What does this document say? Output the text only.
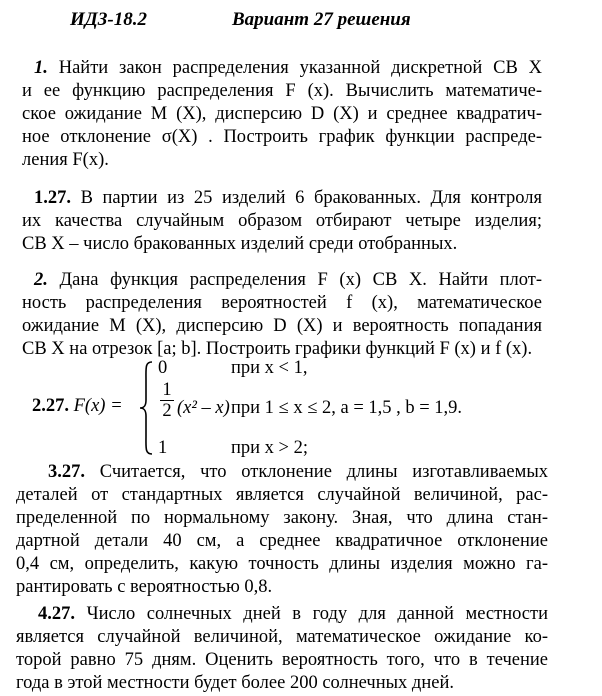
ИДЗ-18.2	Вариант 27 решения
1. Найти закон распределения указанной дискретной СВ X
и ее функцию распределения F (x). Вычислить математиче-
ское ожидание M (X), дисперсию D (X) и среднее квадратич-
ное отклонение σ(X) . Построить график функции распреде-
ления F(x).
1.27. В партии из 25 изделий 6 бракованных. Для контроля
их качества случайным образом отбирают четыре изделия;
СВ X – число бракованных изделий среди отобранных.
2. Дана функция распределения F (x) СВ X. Найти плот-
ность распределения вероятностей f (x), математическое
ожидание M (X), дисперсию D (X) и вероятность попадания
СВ X на отрезок [a; b]. Построить графики функций F (x) и f (x).
2.27. F(x) =
0	при x < 1,
1
2 (x² – x) при 1 ≤ x ≤ 2, a = 1,5 , b = 1,9.
1	при x > 2;
3.27. Считается, что отклонение длины изготавливаемых
деталей от стандартных является случайной величиной, рас-
пределенной по нормальному закону. Зная, что длина стан-
дартной детали 40 см, а среднее квадратичное отклонение
0,4 см, определить, какую точность длины изделия можно га-
рантировать с вероятностью 0,8.
4.27. Число солнечных дней в году для данной местности
является случайной величиной, математическое ожидание ко-
торой равно 75 дням. Оценить вероятность того, что в течение
года в этой местности будет более 200 солнечных дней.
